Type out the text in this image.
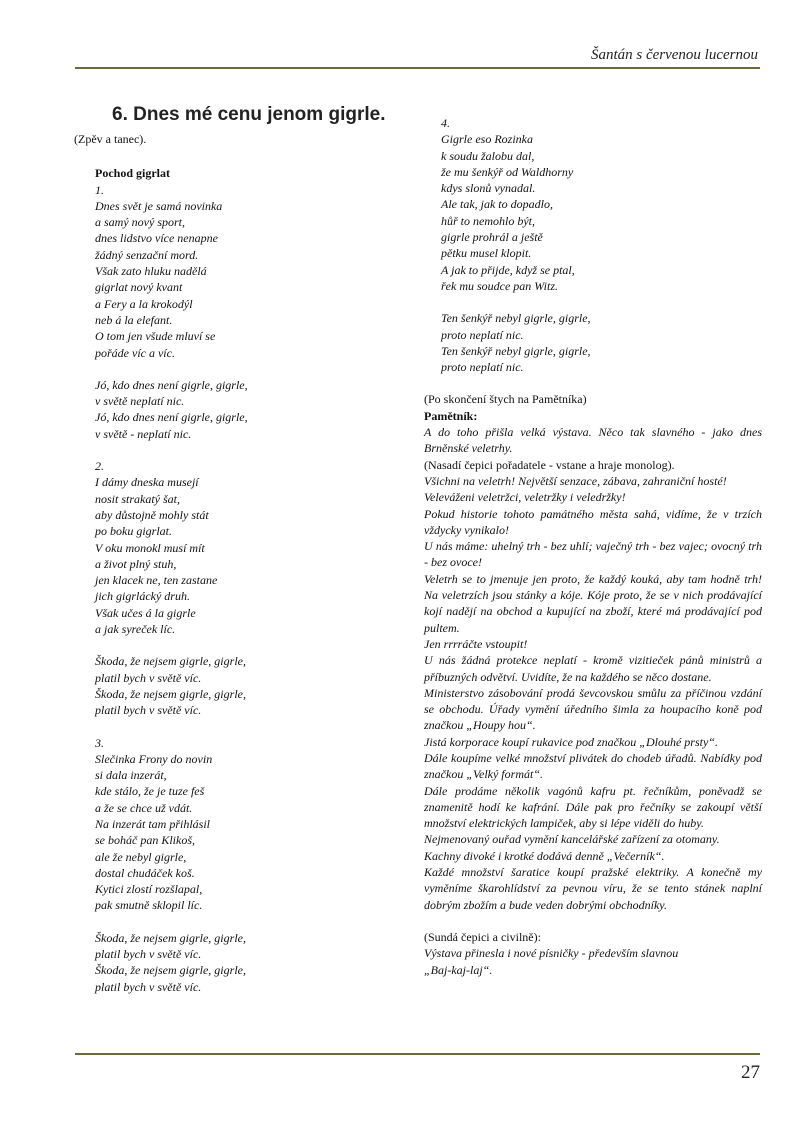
Šantán s červenou lucernou
6. Dnes mé cenu jenom gigrle.

(Zpěv a tanec).

Pochod gigrlat

1.
Dnes svět je samá novinka
a samý nový sport,
dnes lidstvo více nenapne
žádný senzační mord.
Však zato hluku nadělá
gigrlat nový kvant
a Fery a la krokodýl
neb á la elefant.
O tom jen všude mluví se
pořáde víc a víc.
Jó, kdo dnes není gigrle, gigrle,
v světě neplatí nic.
Jó, kdo dnes není gigrle, gigrle,
v světě - neplatí nic.
2.
I dámy dneska musejí
nosit strakatý šat,
aby důstojně mohly stát
po boku gigrlat.
V oku monokl musí mít
a život plný stuh,
jen klacek ne, ten zastane
jich gigrlácký druh.
Však učes á la gigrle
a jak syreček líc.
Škoda, že nejsem gigrle, gigrle,
platil bych v světě víc.
Škoda, že nejsem gigrle, gigrle,
platil bych v světě víc.
3.
Slečinka Frony do novin
si dala inzerát,
kde stálo, že je tuze feš
a že se chce už vdát.
Na inzerát tam přihlásil
se boháč pan Klikoš,
ale že nebyl gigrle,
dostal chudáček koš.
Kytici zlostí rozšlapal,
pak smutně sklopil líc.
Škoda, že nejsem gigrle, gigrle,
platil bych v světě víc.
Škoda, že nejsem gigrle, gigrle,
platil bych v světě víc.
4.
Gigrle eso Rozinka
k soudu žalobu dal,
že mu šenkýř od Waldhorny
kdys slonů vynadal.
Ale tak, jak to dopadlo,
hůř to nemohlo být,
gigrle prohrál a ještě
pětku musel klopit.
A jak to přijde, když se ptal,
řek mu soudce pan Witz.
Ten šenkýř nebyl gigrle, gigrle,
proto neplatí nic.
Ten šenkýř nebyl gigrle, gigrle,
proto neplatí nic.

(Po skončení štych na Pamětníka)

Pamětník:

A do toho přišla velká výstava. Něco tak slavného - jako dnes Brněnské veletrhy.

(Nasadí čepici pořadatele - vstane a hraje monolog).

Všichni na veletrh! Největší senzace, zábava, zahraniční hosté!

Veleváženi veletržci, veletržky i veledržky!

Pokud historie tohoto památného města sahá, vidíme, že v trzích vždycky vynikalo!

U nás máme: uhelný trh - bez uhlí; vaječný trh - bez vajec; ovocný trh - bez ovoce!

Veletrh se to jmenuje jen proto, že každý kouká, aby tam hodně trh! Na veletrzích jsou stánky a kóje. Kóje proto, že se v nich prodávající kojí nadějí na obchod a kupující na zboží, které má prodávající pod pultem.

Jen rrrráčte vstoupit!

U nás žádná protekce neplatí - kromě vizitieček pánů ministrů a příbuzných odvětví. Uvidíte, že na každého se něco dostane.

Ministerstvo zásobování prodá ševcovskou smůlu za příčinou vzdání se obchodu. Úřady vymění úředního šimla za houpacího koně pod značkou „Houpy hou“.

Jistá korporace koupí rukavice pod značkou „Dlouhé prsty“.

Dále koupíme velké množství plivátek do chodeb úřadů. Nabídky pod značkou „Velký formát“.

Dále prodáme několik vagónů kafru pt. řečníkům, poněvadž se znamenitě hodí ke kafrání. Dále pak pro řečníky se zakoupí větší množství elektrických lampiček, aby si lépe viděli do huby.

Nejmenovaný ouřad vymění kancelářské zařízení za otomany.

Kachny divoké i krotké dodává denně „Večerník“.

Každé množství šaratice koupí pražské elektriky. A konečně my vyměníme škarohlídství za pevnou víru, že se tento stánek naplní dobrým zbožím a bude veden dobrými obchodníky.

(Sundá čepici a civilně):

Výstava přinesla i nové písničky - především slavnou

„Baj-kaj-laj“.

27
